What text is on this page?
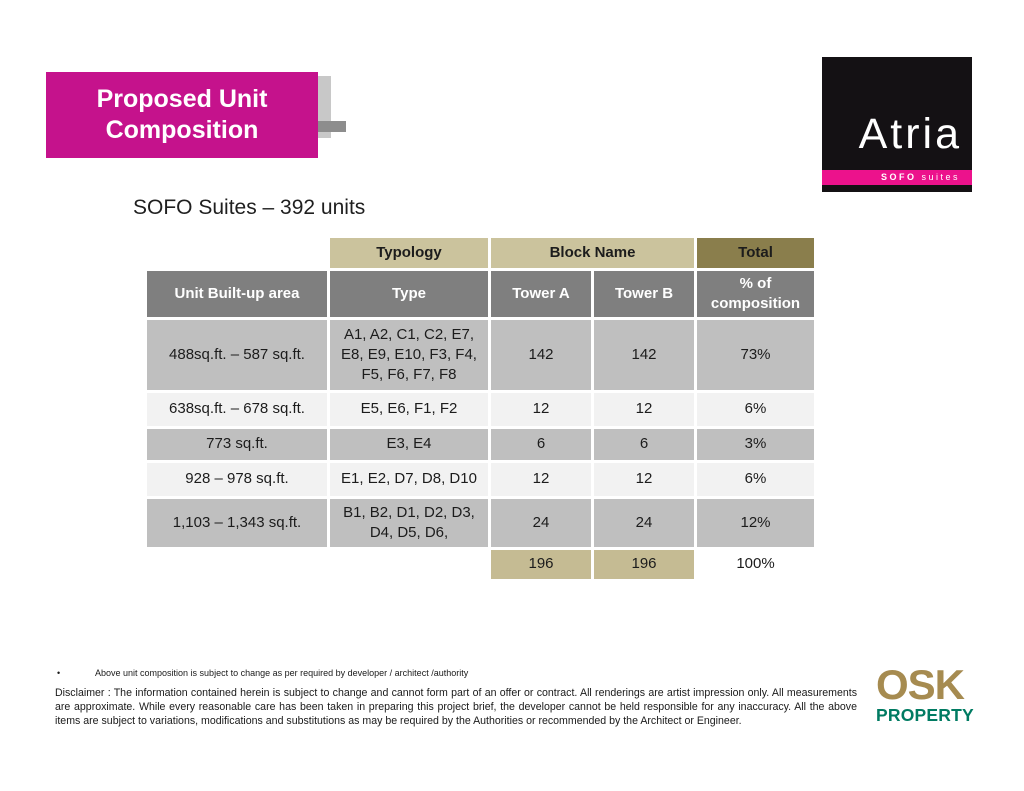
Proposed Unit
Composition	Atria
SOFO suites
SOFO Suites – 392 units
	Typology	Block Name		Total
Unit Built-up area	Type	Tower A	Tower B	% of composition
488sq.ft. – 587 sq.ft.	A1, A2, C1, C2, E7, E8, E9, E10, F3, F4, F5, F6, F7, F8	142	142	73%
638sq.ft. – 678 sq.ft.	E5, E6, F1, F2	12	12	6%
773 sq.ft.	E3, E4	6	6	3%
928 – 978 sq.ft.	E1, E2, D7, D8, D10	12	12	6%
1,103 – 1,343 sq.ft.	B1, B2, D1, D2, D3, D4, D5, D6,	24	24	12%
		196	196	100%
•	Above unit composition is subject to change as per required by developer / architect /authority
Disclaimer : The information contained herein is subject to change and cannot form part of an offer or contract. All renderings are artist impression only. All measurements are approximate. While every reasonable care has been taken in preparing this project brief, the developer cannot be held responsible for any inaccuracy. All the above items are subject to variations, modifications and substitutions as may be required by the Authorities or recommended by the Architect or Engineer.
OSK
PROPERTY
